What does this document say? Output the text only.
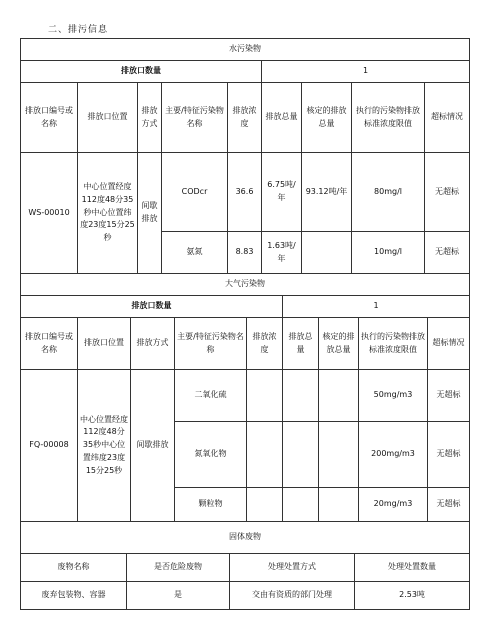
二、排污信息
水污染物								
排放口数量					1			
排放口编号或名称	排放口位置	排放方式	主要/特征污染物名称	排放浓度	排放总量	核定的排放总量	执行的污染物排放标准浓度限值	超标情况
WS-00010	中心位置经度112度48分35秒中心位置纬度23度15分25秒	间歇排放	CODcr	36.6	6.75吨/年	93.12吨/年	80mg/l	无超标
			氨氮	8.83	1.63吨/年		10mg/l	无超标
大气污染物								
排放口数量					1			
排放口编号或名称	排放口位置	排放方式	主要/特征污染物名称	排放浓度	排放总量	核定的排放总量	执行的污染物排放标准浓度限值	超标情况
FQ-00008	中心位置经度112度48分35秒中心位置纬度23度15分25秒	间歇排放	二氧化硫				50mg/m3	无超标
			氮氧化物				200mg/m3	无超标
			颗粒物				20mg/m3	无超标
固体废物			
废物名称	是否危险废物	处理处置方式	处理处置数量
废弃包装物、容器	是	交由有资质的部门处理	2.53吨
